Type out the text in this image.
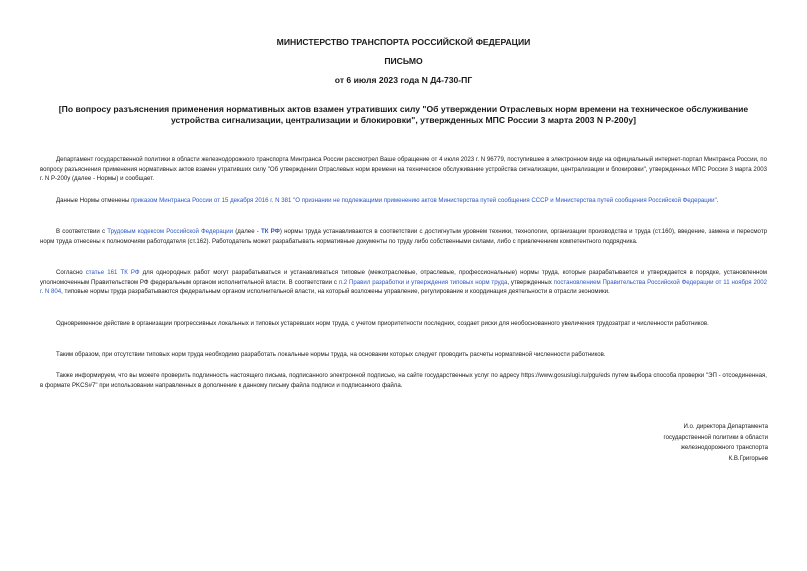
МИНИСТЕРСТВО ТРАНСПОРТА РОССИЙСКОЙ ФЕДЕРАЦИИ
ПИСЬМО
от 6 июля 2023 года N Д4-730-ПГ
[По вопросу разъяснения применения нормативных актов взамен утративших силу "Об утверждении Отраслевых норм времени на техническое обслуживание устройства сигнализации, централизации и блокировки", утвержденных МПС России 3 марта 2003 N Р-200у]
Департамент государственной политики в области железнодорожного транспорта Минтранса России рассмотрел Ваше обращение от 4 июля 2023 г. N 96779, поступившее в электронном виде на официальный интернет-портал Минтранса России, по вопросу разъяснения применения нормативных актов взамен утративших силу "Об утверждении Отраслевых норм времени на техническое обслуживание устройства сигнализации, централизации и блокировки", утвержденных МПС России 3 марта 2003 г. N Р-200у (далее - Нормы) и сообщает.
Данные Нормы отменены приказом Минтранса России от 15 декабря 2016 г. N 381 "О признании не подлежащими применению актов Министерства путей сообщения СССР и Министерства путей сообщения Российской Федерации".
В соответствии с Трудовым кодексом Российской Федерации (далее - ТК РФ) нормы труда устанавливаются в соответствии с достигнутым уровнем техники, технологии, организации производства и труда (ст.160), введение, замена и пересмотр норм труда отнесены к полномочиям работодателя (ст.162). Работодатель может разрабатывать нормативные документы по труду либо собственными силами, либо с привлечением компетентного подрядчика.
Согласно статье 161 ТК РФ для однородных работ могут разрабатываться и устанавливаться типовые (межотраслевые, отраслевые, профессиональные) нормы труда, которые разрабатывается и утверждается в порядке, установленном уполномоченным Правительством РФ федеральным органом исполнительной власти. В соответствии с п.2 Правил разработки и утверждения типовых норм труда, утвержденных постановлением Правительства Российской Федерации от 11 ноября 2002 г. N 804, типовые нормы труда разрабатываются федеральным органом исполнительной власти, на который возложены управление, регулирование и координация деятельности в отрасли экономики.
Одновременное действие в организации прогрессивных локальных и типовых устаревших норм труда, с учетом приоритетности последних, создает риски для необоснованного увеличения трудозатрат и численности работников.
Таким образом, при отсутствии типовых норм труда необходимо разработать локальные нормы труда, на основании которых следует проводить расчеты нормативной численности работников.
Также информируем, что вы можете проверить подлинность настоящего письма, подписанного электронной подписью, на сайте государственных услуг по адресу https://www.gosuslugi.ru/pgu/eds путем выбора способа проверки "ЭП - отсоединенная, в формате PKCS#7" при использовании направленных в дополнение к данному письму файла подписи и подписанного файла.
И.о. директора Департамента
государственной политики в области
железнодорожного транспорта
К.В.Григорьев
